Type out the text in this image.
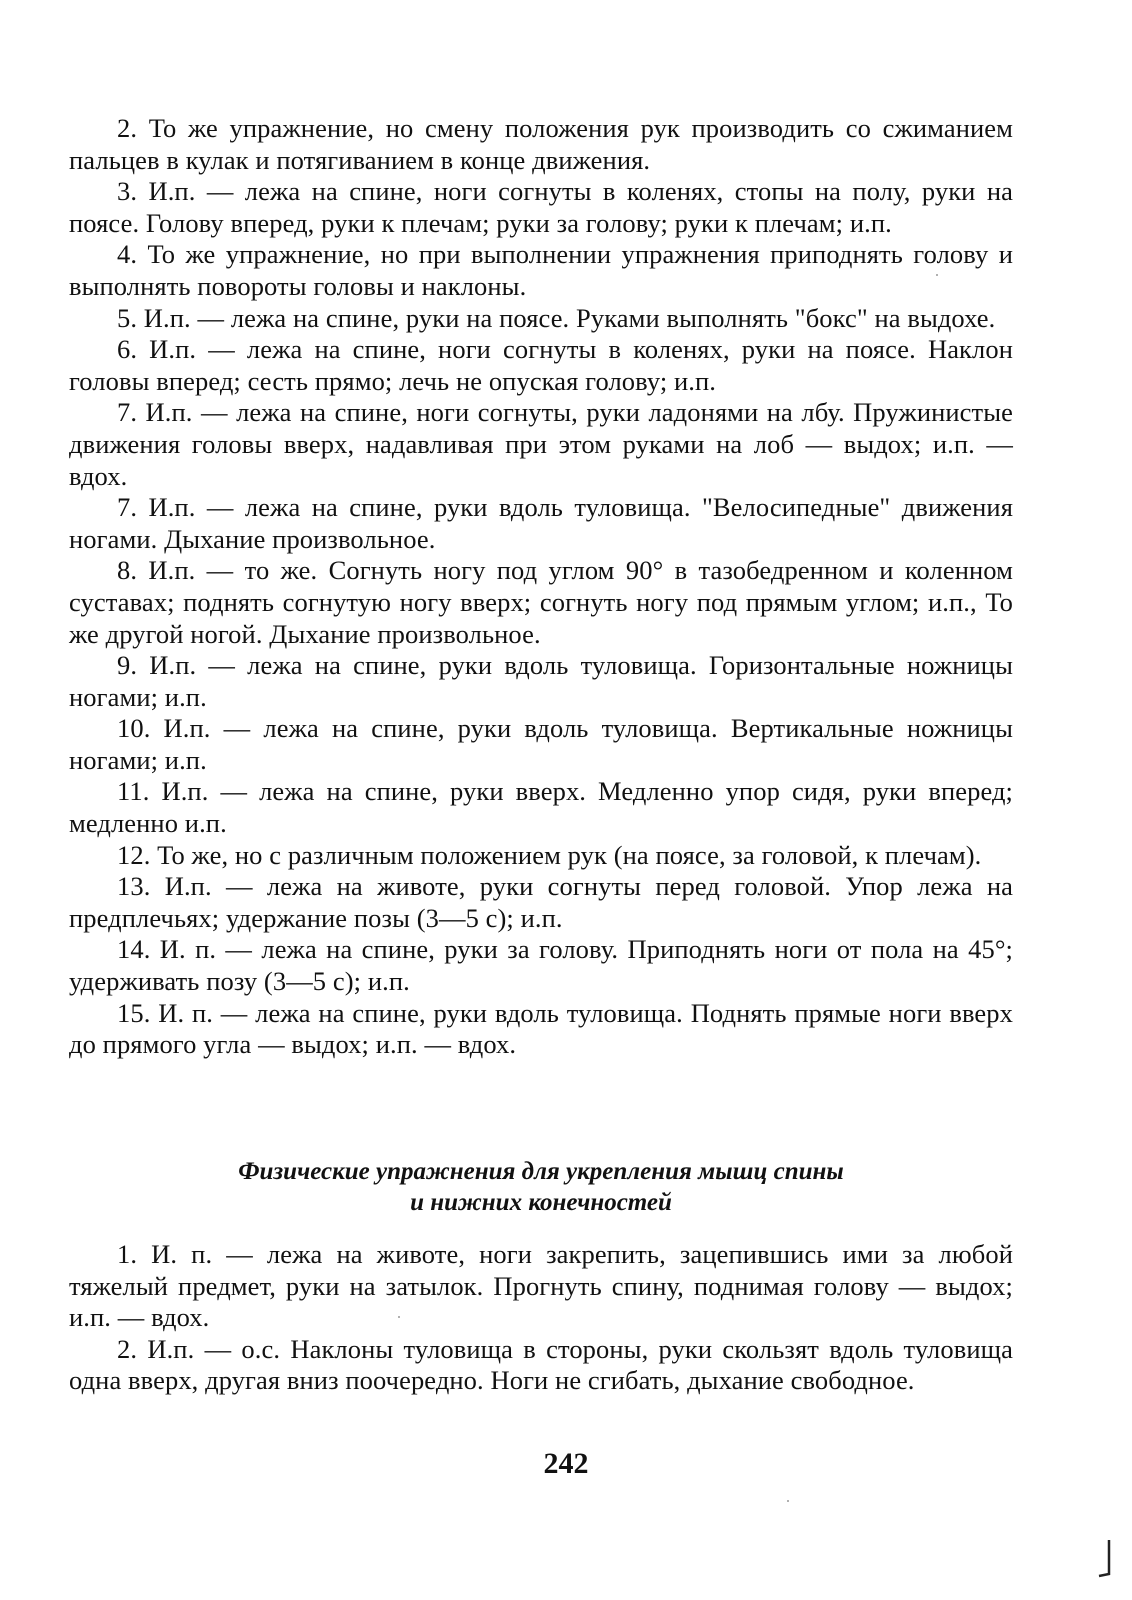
2. То же упражнение, но смену положения рук производить со сжиманием пальцев в кулак и потягиванием в конце движения.

3. И.п. — лежа на спине, ноги согнуты в коленях, стопы на полу, руки на поясе. Голову вперед, руки к плечам; руки за голову; руки к плечам; и.п.

4. То же упражнение, но при выполнении упражнения приподнять голову и выполнять повороты головы и наклоны.

5. И.п. — лежа на спине, руки на поясе. Руками выполнять "бокс" на выдохе.

6. И.п. — лежа на спине, ноги согнуты в коленях, руки на поясе. Наклон головы вперед; сесть прямо; лечь не опуская голову; и.п.

7. И.п. — лежа на спине, ноги согнуты, руки ладонями на лбу. Пружинистые движения головы вверх, надавливая при этом руками на лоб — выдох; и.п. — вдох.

7. И.п. — лежа на спине, руки вдоль туловища. "Велосипедные" движения ногами. Дыхание произвольное.

8. И.п. — то же. Согнуть ногу под углом 90° в тазобедренном и коленном суставах; поднять согнутую ногу вверх; согнуть ногу под прямым углом; и.п., То же другой ногой. Дыхание произвольное.

9. И.п. — лежа на спине, руки вдоль туловища. Горизонтальные ножницы ногами; и.п.

10. И.п. — лежа на спине, руки вдоль туловища. Вертикальные ножницы ногами; и.п.

11. И.п. — лежа на спине, руки вверх. Медленно упор сидя, руки вперед; медленно и.п.

12. То же, но с различным положением рук (на поясе, за головой, к плечам).

13. И.п. — лежа на животе, руки согнуты перед головой. Упор лежа на предплечьях; удержание позы (3—5 с); и.п.

14. И. п. — лежа на спине, руки за голову. Приподнять ноги от пола на 45°; удерживать позу (3—5 с); и.п.

15. И. п. — лежа на спине, руки вдоль туловища. Поднять прямые ноги вверх до прямого угла — выдох; и.п. — вдох.

Физические упражнения для укрепления мышц спины
и нижних конечностей

1. И. п. — лежа на животе, ноги закрепить, зацепившись ими за любой тяжелый предмет, руки на затылок. Прогнуть спину, поднимая голову — выдох; и.п. — вдох.

2. И.п. — о.с. Наклоны туловища в стороны, руки скользят вдоль туловища одна вверх, другая вниз поочередно. Ноги не сгибать, дыхание свободное.

242
